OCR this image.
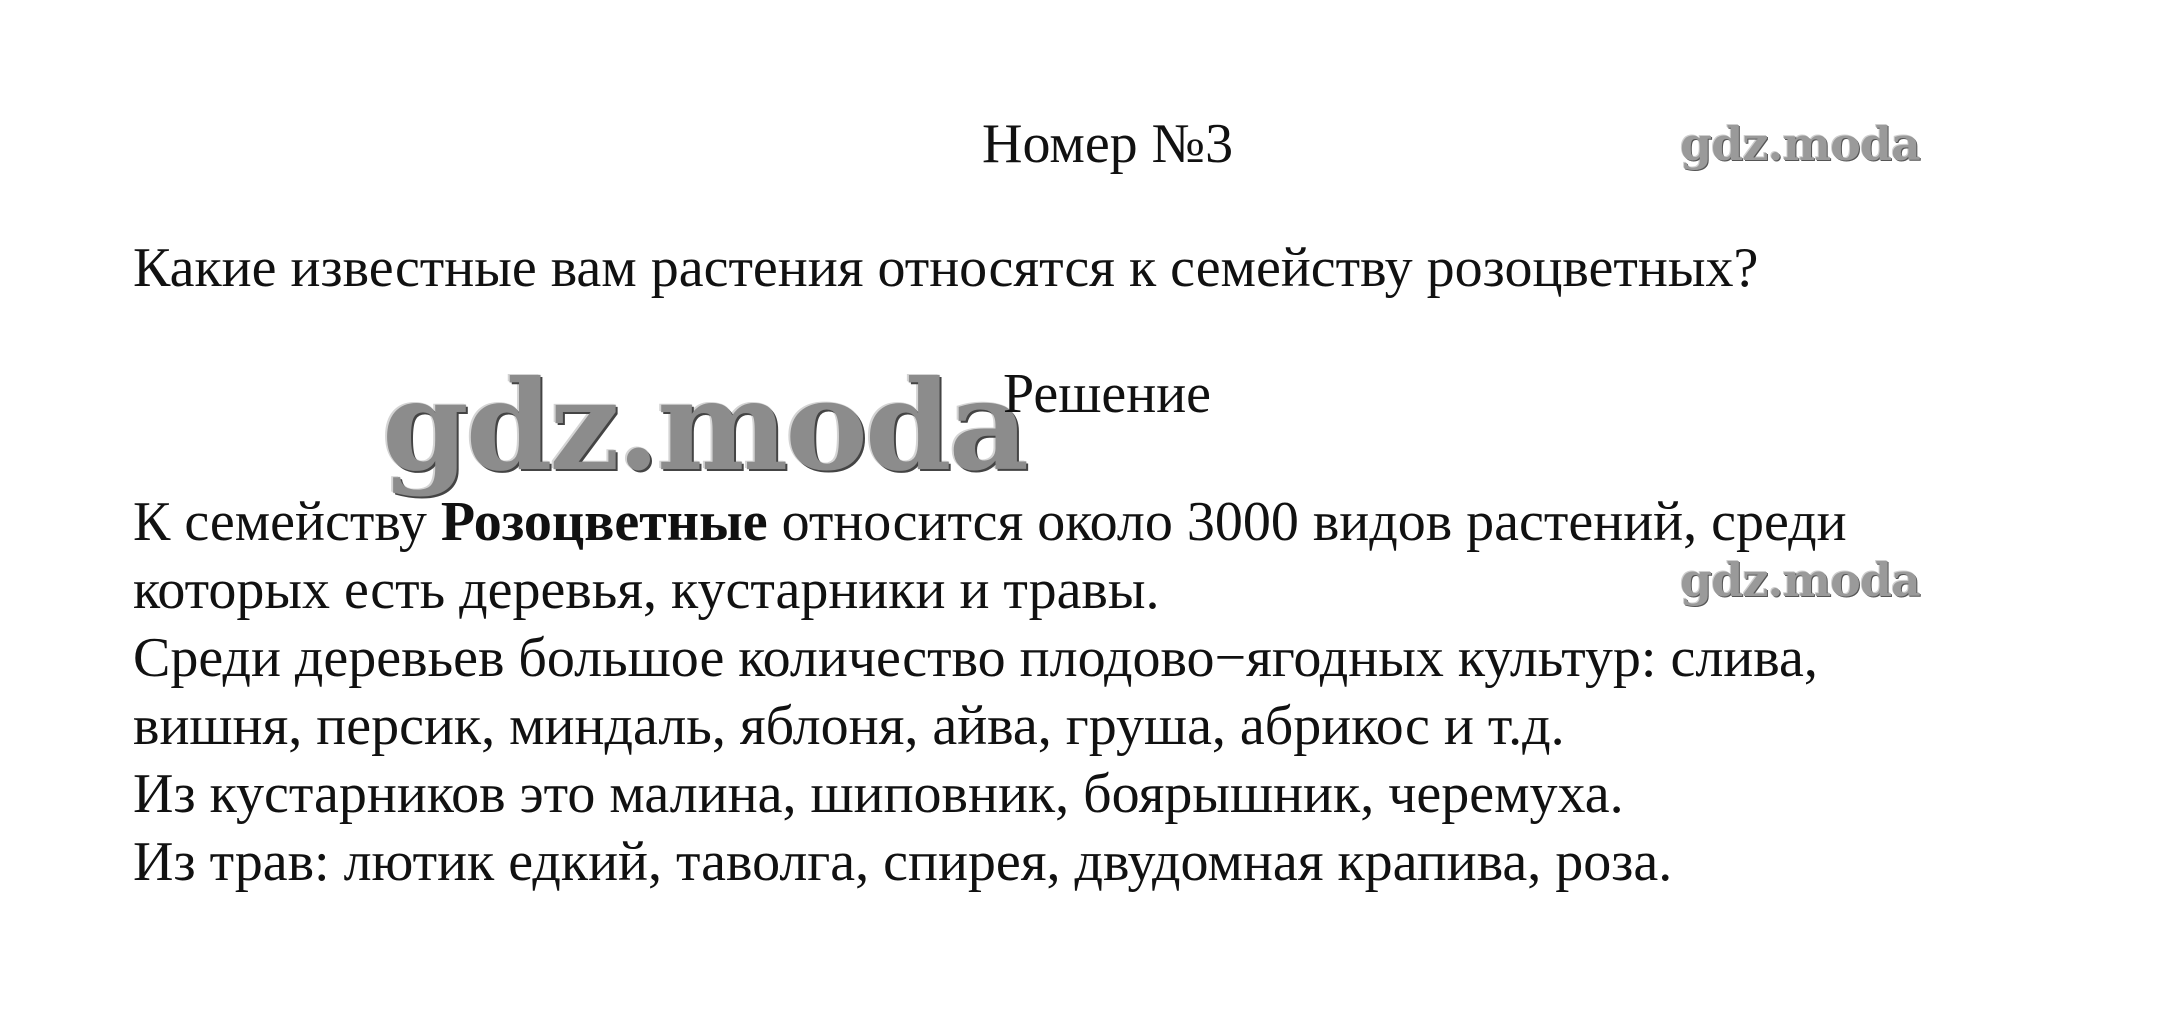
Номер №3	gdz.moda
Какие известные вам растения относятся к семейству розоцветных?
gdz.moda
Решение

К семейству Розоцветные относится около 3000 видов растений, среди

которых есть деревья, кустарники и травы.

Среди деревьев большое количество плодово−ягодных культур: слива,

вишня, персик, миндаль, яблоня, айва, груша, абрикос и т.д.

Из кустарников это малина, шиповник, боярышник, черемуха.

Из трав: лютик едкий, таволга, спирея, двудомная крапива, роза.

gdz.moda
